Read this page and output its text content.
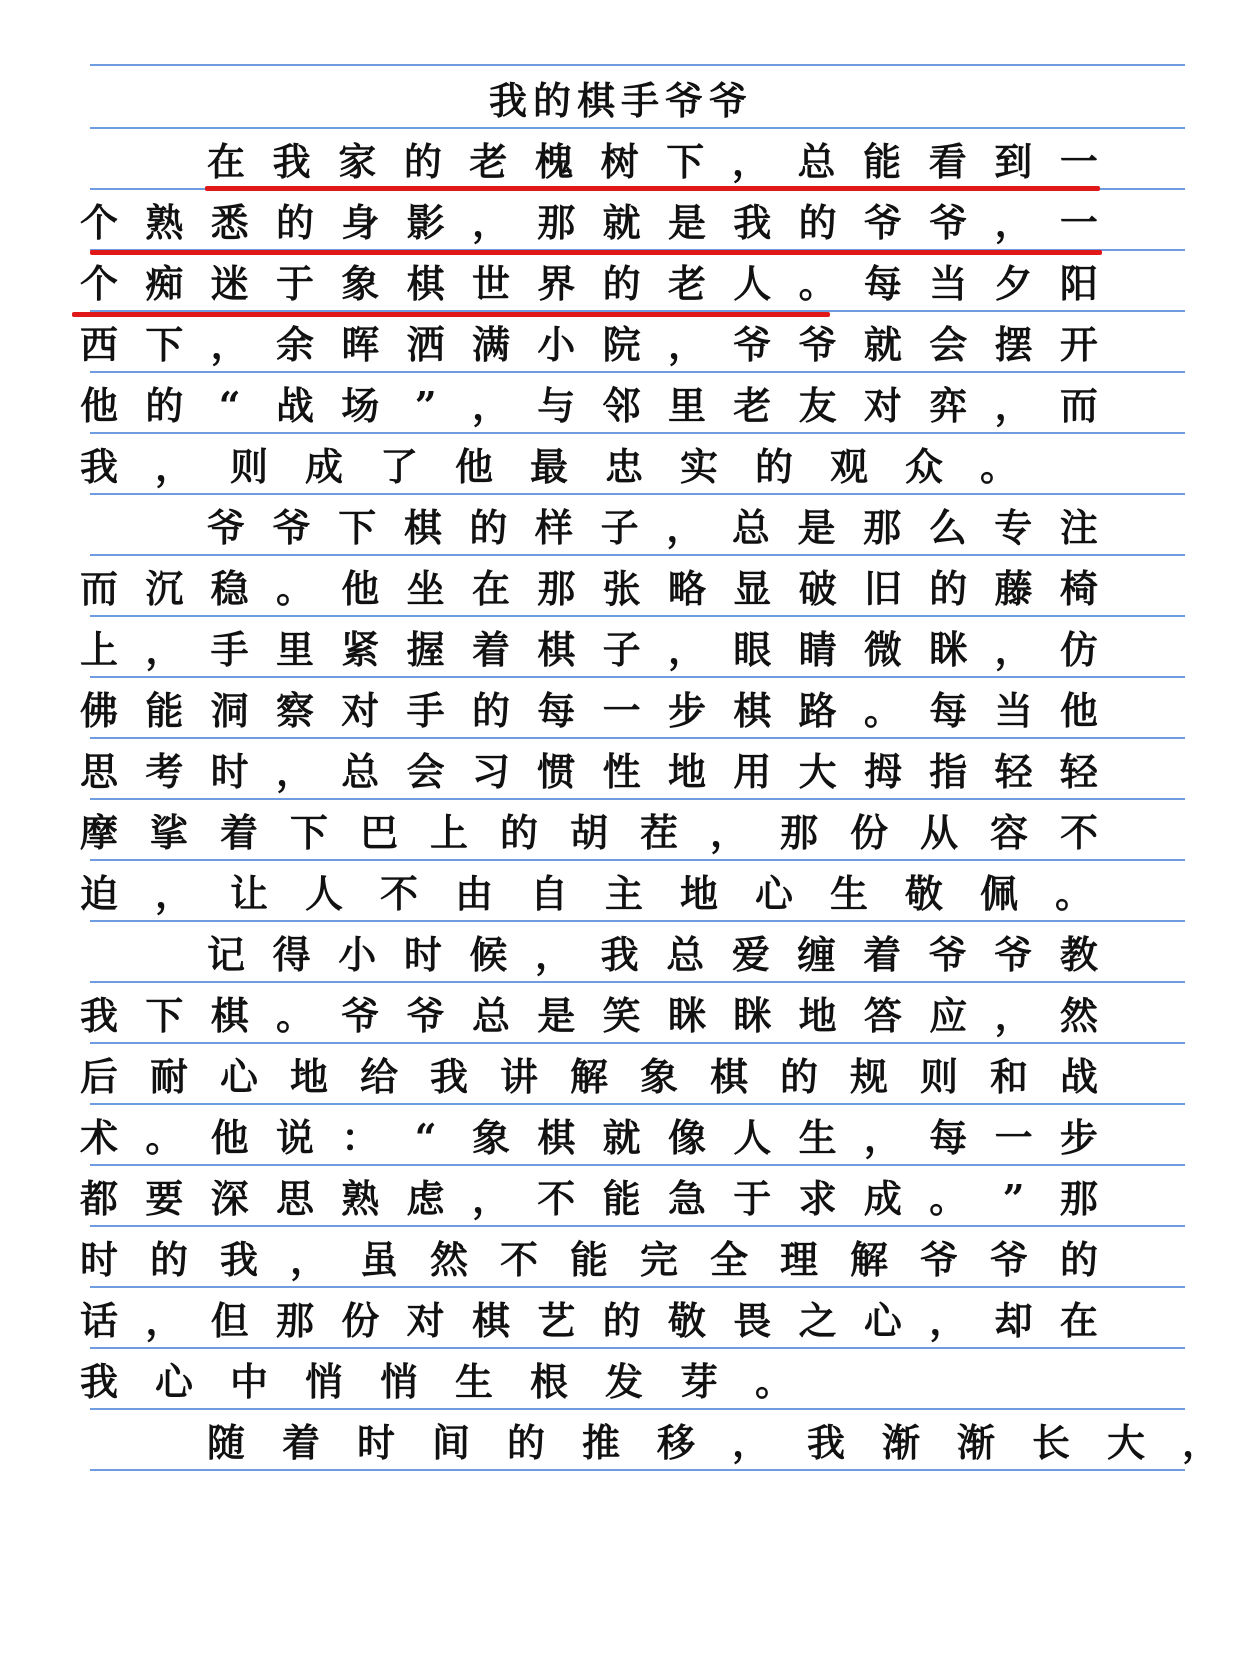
我的棋手爷爷
在 我 家 的 老 槐 树 下 ， 总 能 看 到 一
个 熟 悉 的 身 影 ， 那 就 是 我 的 爷 爷 ， 一
个 痴 迷 于 象 棋 世 界 的 老 人 。 每 当 夕 阳
西 下 ， 余 晖 洒 满 小 院 ， 爷 爷 就 会 摆 开
他 的 “ 战 场 ” ， 与 邻 里 老 友 对 弈 ， 而
我 ， 则 成 了 他 最 忠 实 的 观 众 。
爷 爷 下 棋 的 样 子 ， 总 是 那 么 专 注
而 沉 稳 。 他 坐 在 那 张 略 显 破 旧 的 藤 椅
上 ， 手 里 紧 握 着 棋 子 ， 眼 睛 微 眯 ， 仿
佛 能 洞 察 对 手 的 每 一 步 棋 路 。 每 当 他
思 考 时 ， 总 会 习 惯 性 地 用 大 拇 指 轻 轻
摩 挲 着 下 巴 上 的 胡 茬 ， 那 份 从 容 不
迫 ， 让 人 不 由 自 主 地 心 生 敬 佩 。
记 得 小 时 候 ， 我 总 爱 缠 着 爷 爷 教
我 下 棋 。 爷 爷 总 是 笑 眯 眯 地 答 应 ， 然
后 耐 心 地 给 我 讲 解 象 棋 的 规 则 和 战
术 。 他 说 ： “ 象 棋 就 像 人 生 ， 每 一 步
都 要 深 思 熟 虑 ， 不 能 急 于 求 成 。 ” 那
时 的 我 ， 虽 然 不 能 完 全 理 解 爷 爷 的
话 ， 但 那 份 对 棋 艺 的 敬 畏 之 心 ， 却 在
我 心 中 悄 悄 生 根 发 芽 。
随 着 时 间 的 推 移 ， 我 渐 渐 长 大 ，
